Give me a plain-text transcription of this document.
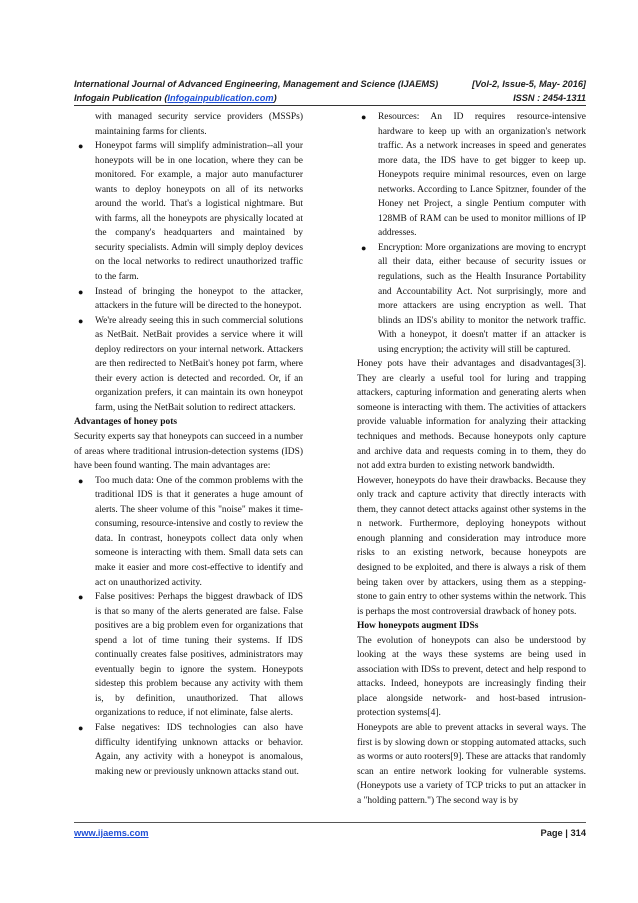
International Journal of Advanced Engineering, Management and Science (IJAEMS)	[Vol-2, Issue-5, May- 2016]
Infogain Publication (Infogainpublication.com)	ISSN : 2454-1311

with managed security service providers (MSSPs) maintaining farms for clients.

● Honeypot farms will simplify administration--all your honeypots will be in one location, where they can be monitored. For example, a major auto manufacturer wants to deploy honeypots on all of its networks around the world. That's a logistical nightmare. But with farms, all the honeypots are physically located at the company's headquarters and maintained by security specialists. Admin will simply deploy devices on the local networks to redirect unauthorized traffic to the farm.
● Instead of bringing the honeypot to the attacker, attackers in the future will be directed to the honeypot.
● We're already seeing this in such commercial solutions as NetBait. NetBait provides a service where it will deploy redirectors on your internal network. Attackers are then redirected to NetBait's honey pot farm, where their every action is detected and recorded. Or, if an organization prefers, it can maintain its own honeypot farm, using the NetBait solution to redirect attackers.

Advantages of honey pots

Security experts say that honeypots can succeed in a number of areas where traditional intrusion-detection systems (IDS) have been found wanting. The main advantages are:

● Too much data: One of the common problems with the traditional IDS is that it generates a huge amount of alerts. The sheer volume of this "noise" makes it time-consuming, resource-intensive and costly to review the data. In contrast, honeypots collect data only when someone is interacting with them. Small data sets can make it easier and more cost-effective to identify and act on unauthorized activity.
● False positives: Perhaps the biggest drawback of IDS is that so many of the alerts generated are false. False positives are a big problem even for organizations that spend a lot of time tuning their systems. If IDS continually creates false positives, administrators may eventually begin to ignore the system. Honeypots sidestep this problem because any activity with them is, by definition, unauthorized. That allows organizations to reduce, if not eliminate, false alerts.
● False negatives: IDS technologies can also have difficulty identifying unknown attacks or behavior. Again, any activity with a honeypot is anomalous, making new or previously unknown attacks stand out.
● Resources: An ID requires resource-intensive hardware to keep up with an organization's network traffic. As a network increases in speed and generates more data, the IDS have to get bigger to keep up. Honeypots require minimal resources, even on large networks. According to Lance Spitzner, founder of the Honey net Project, a single Pentium computer with 128MB of RAM can be used to monitor millions of IP addresses.
● Encryption: More organizations are moving to encrypt all their data, either because of security issues or regulations, such as the Health Insurance Portability and Accountability Act. Not surprisingly, more and more attackers are using encryption as well. That blinds an IDS's ability to monitor the network traffic. With a honeypot, it doesn't matter if an attacker is using encryption; the activity will still be captured.

Honey pots have their advantages and disadvantages[3]. They are clearly a useful tool for luring and trapping attackers, capturing information and generating alerts when someone is interacting with them. The activities of attackers provide valuable information for analyzing their attacking techniques and methods. Because honeypots only capture and archive data and requests coming in to them, they do not add extra burden to existing network bandwidth.

However, honeypots do have their drawbacks. Because they only track and capture activity that directly interacts with them, they cannot detect attacks against other systems in the n network. Furthermore, deploying honeypots without enough planning and consideration may introduce more risks to an existing network, because honeypots are designed to be exploited, and there is always a risk of them being taken over by attackers, using them as a stepping-stone to gain entry to other systems within the network. This is perhaps the most controversial drawback of honey pots.

How honeypots augment IDSs

The evolution of honeypots can also be understood by looking at the ways these systems are being used in association with IDSs to prevent, detect and help respond to attacks. Indeed, honeypots are increasingly finding their place alongside network- and host-based intrusion-protection systems[4].

Honeypots are able to prevent attacks in several ways. The first is by slowing down or stopping automated attacks, such as worms or auto rooters[9]. These are attacks that randomly scan an entire network looking for vulnerable systems. (Honeypots use a variety of TCP tricks to put an attacker in a "holding pattern.") The second way is by

www.ijaems.com	Page | 314
